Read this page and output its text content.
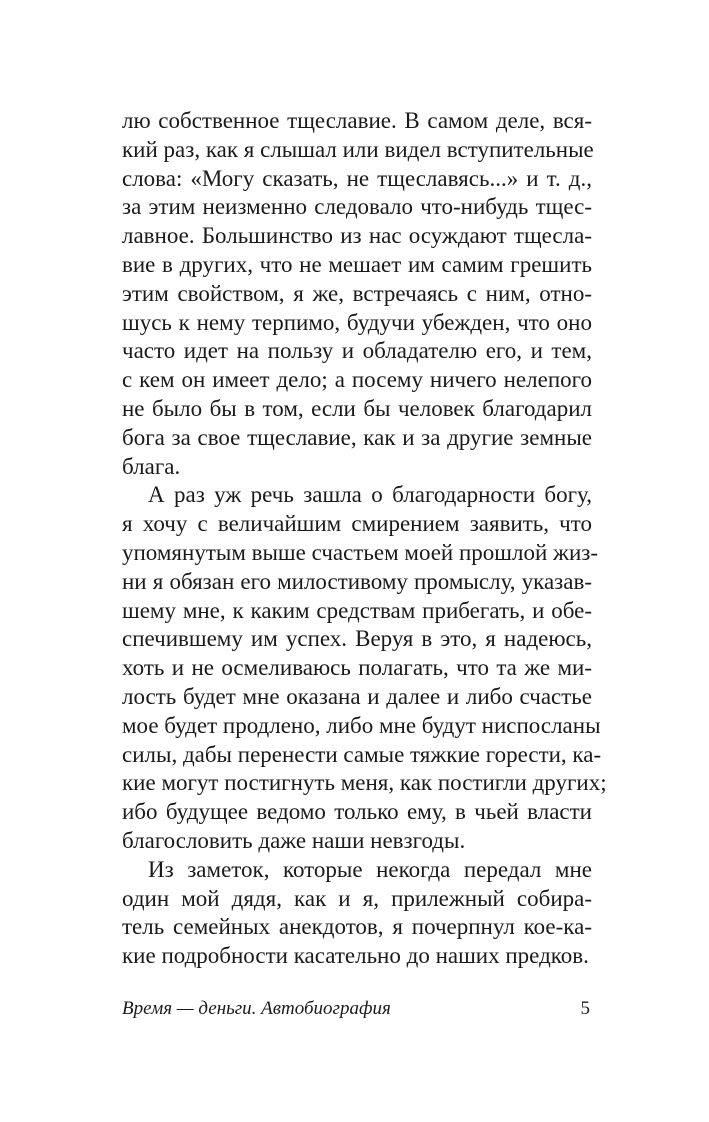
лю собственное тщеславие. В самом деле, вся-
кий раз, как я слышал или видел вступительные
слова: «Могу сказать, не тщеславясь...» и т. д.,
за этим неизменно следовало что-нибудь тщес-
лавное. Большинство из нас осуждают тщесла-
вие в других, что не мешает им самим грешить
этим свойством, я же, встречаясь с ним, отно-
шусь к нему терпимо, будучи убежден, что оно
часто идет на пользу и обладателю его, и тем,
с кем он имеет дело; а посему ничего нелепого
не было бы в том, если бы человек благодарил
бога за свое тщеславие, как и за другие земные
блага.
А раз уж речь зашла о благодарности богу,
я хочу с величайшим смирением заявить, что
упомянутым выше счастьем моей прошлой жиз-
ни я обязан его милостивому промыслу, указав-
шему мне, к каким средствам прибегать, и обе-
спечившему им успех. Веруя в это, я надеюсь,
хоть и не осмеливаюсь полагать, что та же ми-
лость будет мне оказана и далее и либо счастье
мое будет продлено, либо мне будут ниспосланы
силы, дабы перенести самые тяжкие горести, ка-
кие могут постигнуть меня, как постигли других;
ибо будущее ведомо только ему, в чьей власти
благословить даже наши невзгоды.
Из заметок, которые некогда передал мне
один мой дядя, как и я, прилежный собира-
тель семейных анекдотов, я почерпнул кое-ка-
кие подробности касательно до наших предков.
Время — деньги. Автобиография	5
